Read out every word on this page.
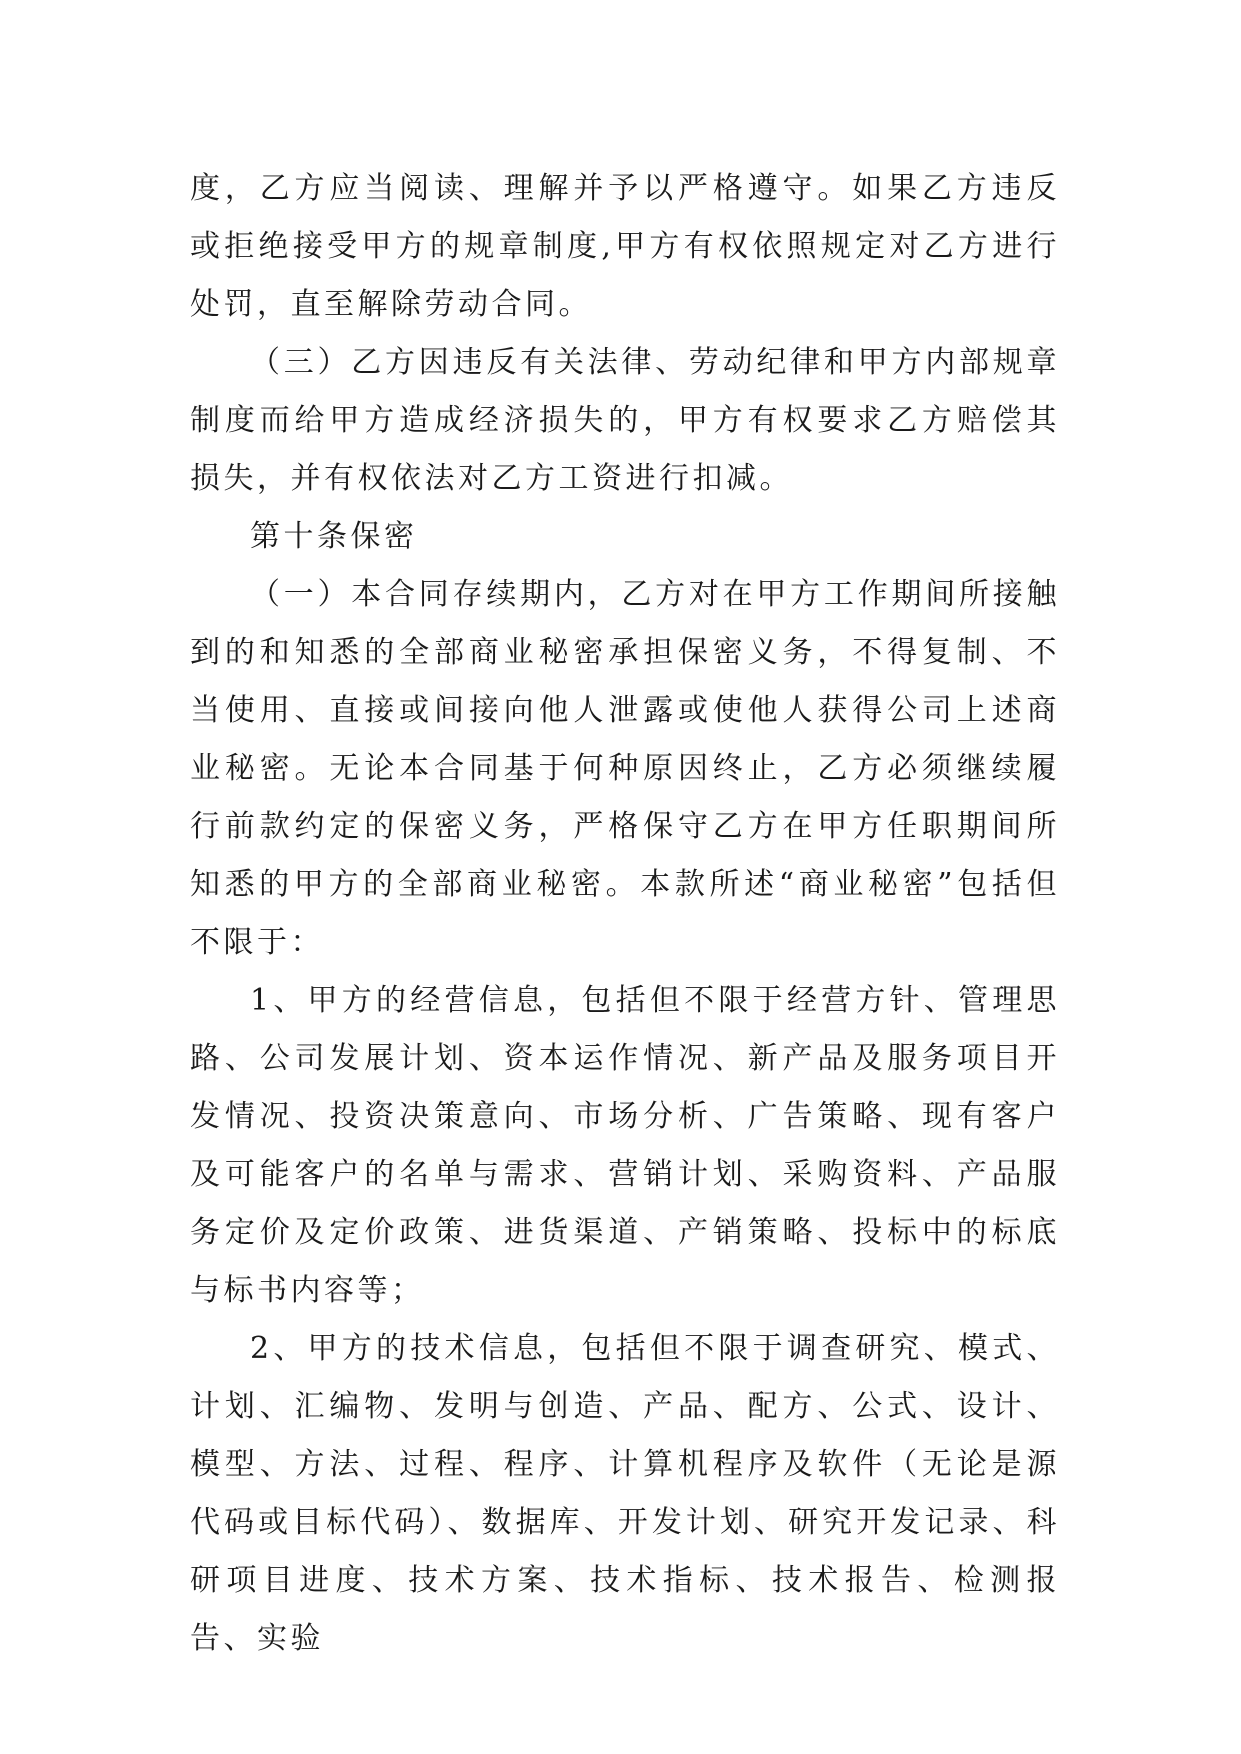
度，乙方应当阅读、理解并予以严格遵守。如果乙方违反或拒绝接受甲方的规章制度,甲方有权依照规定对乙方进行处罚，直至解除劳动合同。

（三）乙方因违反有关法律、劳动纪律和甲方内部规章制度而给甲方造成经济损失的，甲方有权要求乙方赔偿其损失，并有权依法对乙方工资进行扣减。

第十条保密

（一）本合同存续期内，乙方对在甲方工作期间所接触到的和知悉的全部商业秘密承担保密义务，不得复制、不当使用、直接或间接向他人泄露或使他人获得公司上述商业秘密。无论本合同基于何种原因终止，乙方必须继续履行前款约定的保密义务，严格保守乙方在甲方任职期间所知悉的甲方的全部商业秘密。本款所述“商业秘密”包括但不限于：

1、甲方的经营信息，包括但不限于经营方针、管理思路、公司发展计划、资本运作情况、新产品及服务项目开发情况、投资决策意向、市场分析、广告策略、现有客户及可能客户的名单与需求、营销计划、采购资料、产品服务定价及定价政策、进货渠道、产销策略、投标中的标底与标书内容等；

2、甲方的技术信息，包括但不限于调查研究、模式、计划、汇编物、发明与创造、产品、配方、公式、设计、模型、方法、过程、程序、计算机程序及软件（无论是源代码或目标代码）、数据库、开发计划、研究开发记录、科研项目进度、技术方案、技术指标、技术报告、检测报告、实验
